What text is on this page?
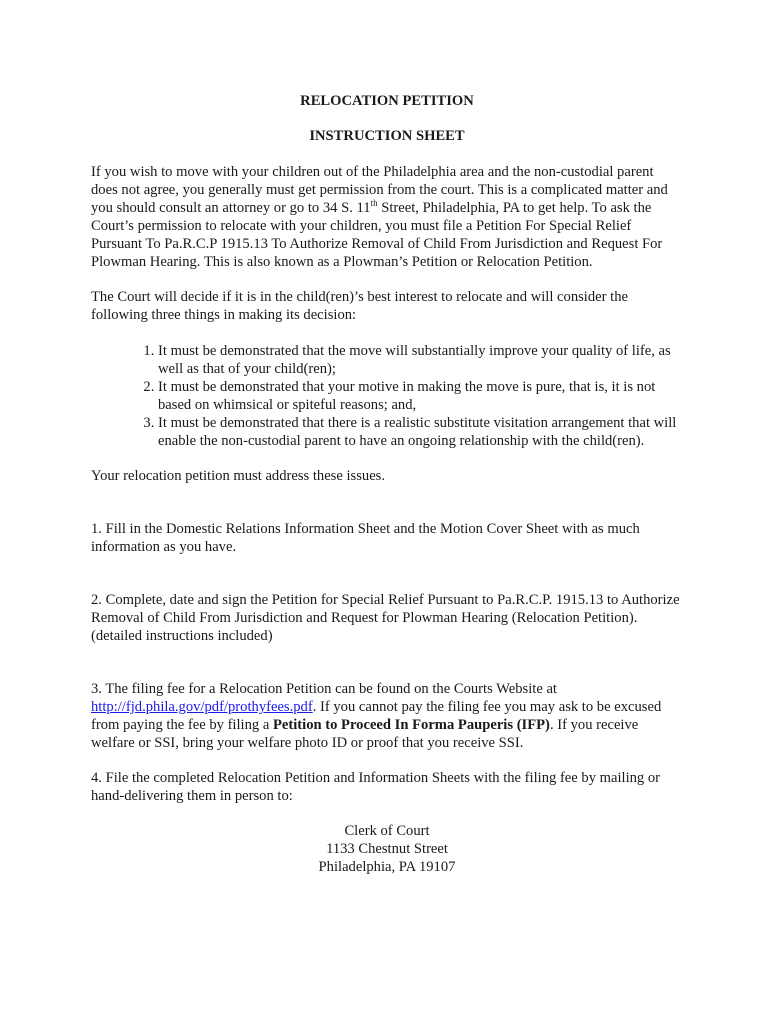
RELOCATION PETITION
INSTRUCTION SHEET

If you wish to move with your children out of the Philadelphia area and the non-custodial parent does not agree, you generally must get permission from the court. This is a complicated matter and you should consult an attorney or go to 34 S. 11th Street, Philadelphia, PA to get help. To ask the Court’s permission to relocate with your children, you must file a Petition For Special Relief Pursuant To Pa.R.C.P 1915.13 To Authorize Removal of Child From Jurisdiction and Request For Plowman Hearing. This is also known as a Plowman’s Petition or Relocation Petition.

The Court will decide if it is in the child(ren)’s best interest to relocate and will consider the following three things in making its decision:

1. It must be demonstrated that the move will substantially improve your quality of life, as well as that of your child(ren);
2. It must be demonstrated that your motive in making the move is pure, that is, it is not based on whimsical or spiteful reasons; and,
3. It must be demonstrated that there is a realistic substitute visitation arrangement that will enable the non-custodial parent to have an ongoing relationship with the child(ren).

Your relocation petition must address these issues.

1. Fill in the Domestic Relations Information Sheet and the Motion Cover Sheet with as much information as you have.

2. Complete, date and sign the Petition for Special Relief Pursuant to Pa.R.C.P. 1915.13 to Authorize Removal of Child From Jurisdiction and Request for Plowman Hearing (Relocation Petition). (detailed instructions included)

3. The filing fee for a Relocation Petition can be found on the Courts Website at http://fjd.phila.gov/pdf/prothyfees.pdf. If you cannot pay the filing fee you may ask to be excused from paying the fee by filing a Petition to Proceed In Forma Pauperis (IFP). If you receive welfare or SSI, bring your welfare photo ID or proof that you receive SSI.

4. File the completed Relocation Petition and Information Sheets with the filing fee by mailing or hand-delivering them in person to:

Clerk of Court
1133 Chestnut Street
Philadelphia, PA 19107
